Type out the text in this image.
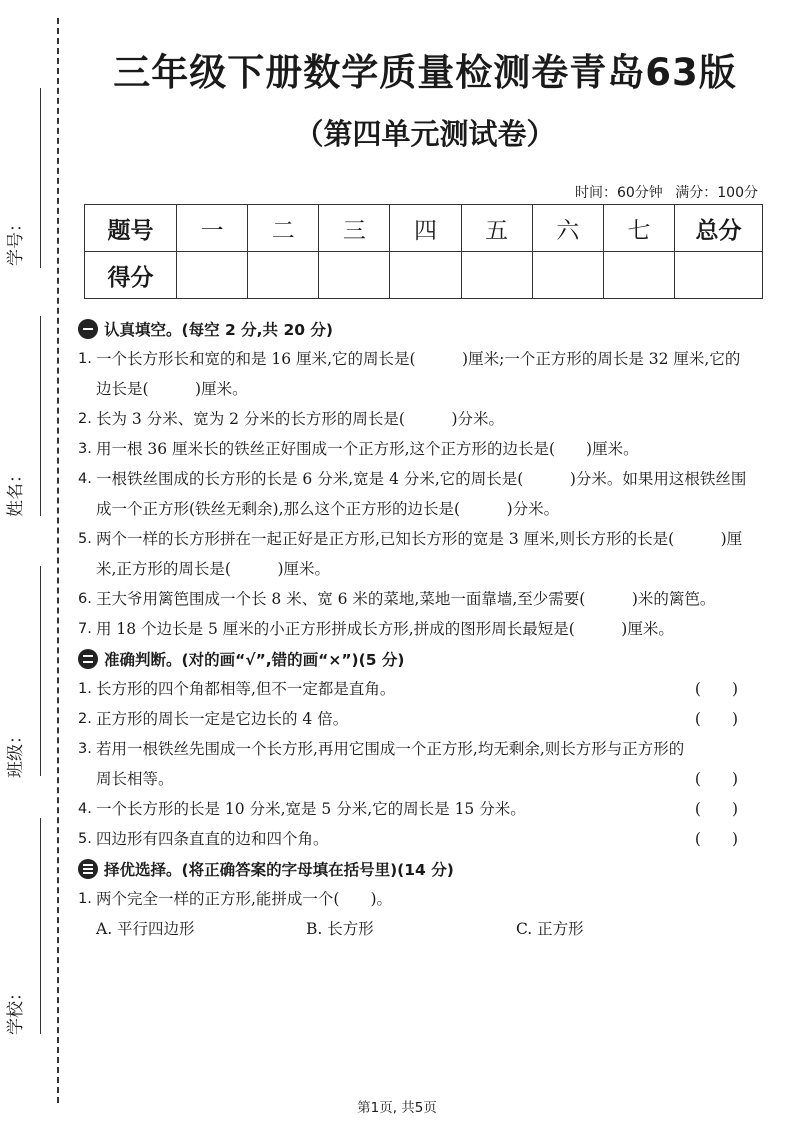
学号：
姓名：
班级：
学校：
三年级下册数学质量检测卷青岛63版
（第四单元测试卷）
时间：60分钟 满分：100分
题号	一	二	三	四	五	六	七	总分
得分								
认真填空。(每空 2 分,共 20 分)
1. 一个长方形长和宽的和是 16 厘米,它的周长是(　　　)厘米;一个正方形的周长是 32 厘米,它的边长是(　　　)厘米。
2. 长为 3 分米、宽为 2 分米的长方形的周长是(　　　)分米。
3. 用一根 36 厘米长的铁丝正好围成一个正方形,这个正方形的边长是(　　)厘米。
4. 一根铁丝围成的长方形的长是 6 分米,宽是 4 分米,它的周长是(　　　)分米。如果用这根铁丝围成一个正方形(铁丝无剩余),那么这个正方形的边长是(　　　)分米。
5. 两个一样的长方形拼在一起正好是正方形,已知长方形的宽是 3 厘米,则长方形的长是(　　　)厘米,正方形的周长是(　　　)厘米。
6. 王大爷用篱笆围成一个长 8 米、宽 6 米的菜地,菜地一面靠墙,至少需要(　　　)米的篱笆。
7. 用 18 个边长是 5 厘米的小正方形拼成长方形,拼成的图形周长最短是(　　　)厘米。
准确判断。(对的画“√”,错的画“×”)(5 分)
1. 长方形的四个角都相等,但不一定都是直角。	(　　)
2. 正方形的周长一定是它边长的 4 倍。	(　　)
3. 若用一根铁丝先围成一个长方形,再用它围成一个正方形,均无剩余,则长方形与正方形的周长相等。	(　　)
4. 一个长方形的长是 10 分米,宽是 5 分米,它的周长是 15 分米。	(　　)
5. 四边形有四条直直的边和四个角。	(　　)
择优选择。(将正确答案的字母填在括号里)(14 分)
1. 两个完全一样的正方形,能拼成一个(　　)。
A. 平行四边形	B. 长方形	C. 正方形
第1页, 共5页
